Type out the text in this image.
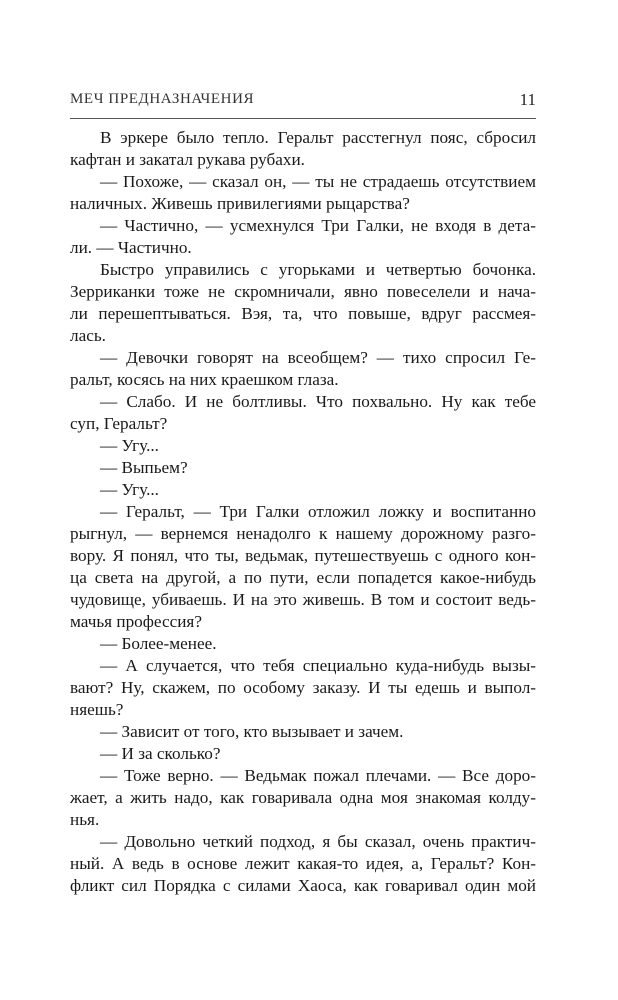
МЕЧ ПРЕДНАЗНАЧЕНИЯ	11
В эркере было тепло. Геральт расстегнул пояс, сбросил
кафтан и закатал рукава рубахи.
— Похоже, — сказал он, — ты не страдаешь отсутствием
наличных. Живешь привилегиями рыцарства?
— Частично, — усмехнулся Три Галки, не входя в дета-
ли. — Частично.
Быстро управились с угорьками и четвертью бочонка.
Зерриканки тоже не скромничали, явно повеселели и нача-
ли перешептываться. Вэя, та, что повыше, вдруг рассмея-
лась.
— Девочки говорят на всеобщем? — тихо спросил Ге-
ральт, косясь на них краешком глаза.
— Слабо. И не болтливы. Что похвально. Ну как тебе
суп, Геральт?
— Угу...
— Выпьем?
— Угу...
— Геральт, — Три Галки отложил ложку и воспитанно
рыгнул, — вернемся ненадолго к нашему дорожному разго-
вору. Я понял, что ты, ведьмак, путешествуешь с одного кон-
ца света на другой, а по пути, если попадется какое-нибудь
чудовище, убиваешь. И на это живешь. В том и состоит ведь-
мачья профессия?
— Более-менее.
— А случается, что тебя специально куда-нибудь вызы-
вают? Ну, скажем, по особому заказу. И ты едешь и выпол-
няешь?
— Зависит от того, кто вызывает и зачем.
— И за сколько?
— Тоже верно. — Ведьмак пожал плечами. — Все доро-
жает, а жить надо, как говаривала одна моя знакомая колду-
нья.
— Довольно четкий подход, я бы сказал, очень практич-
ный. А ведь в основе лежит какая-то идея, а, Геральт? Кон-
фликт сил Порядка с силами Хаоса, как говаривал один мой
